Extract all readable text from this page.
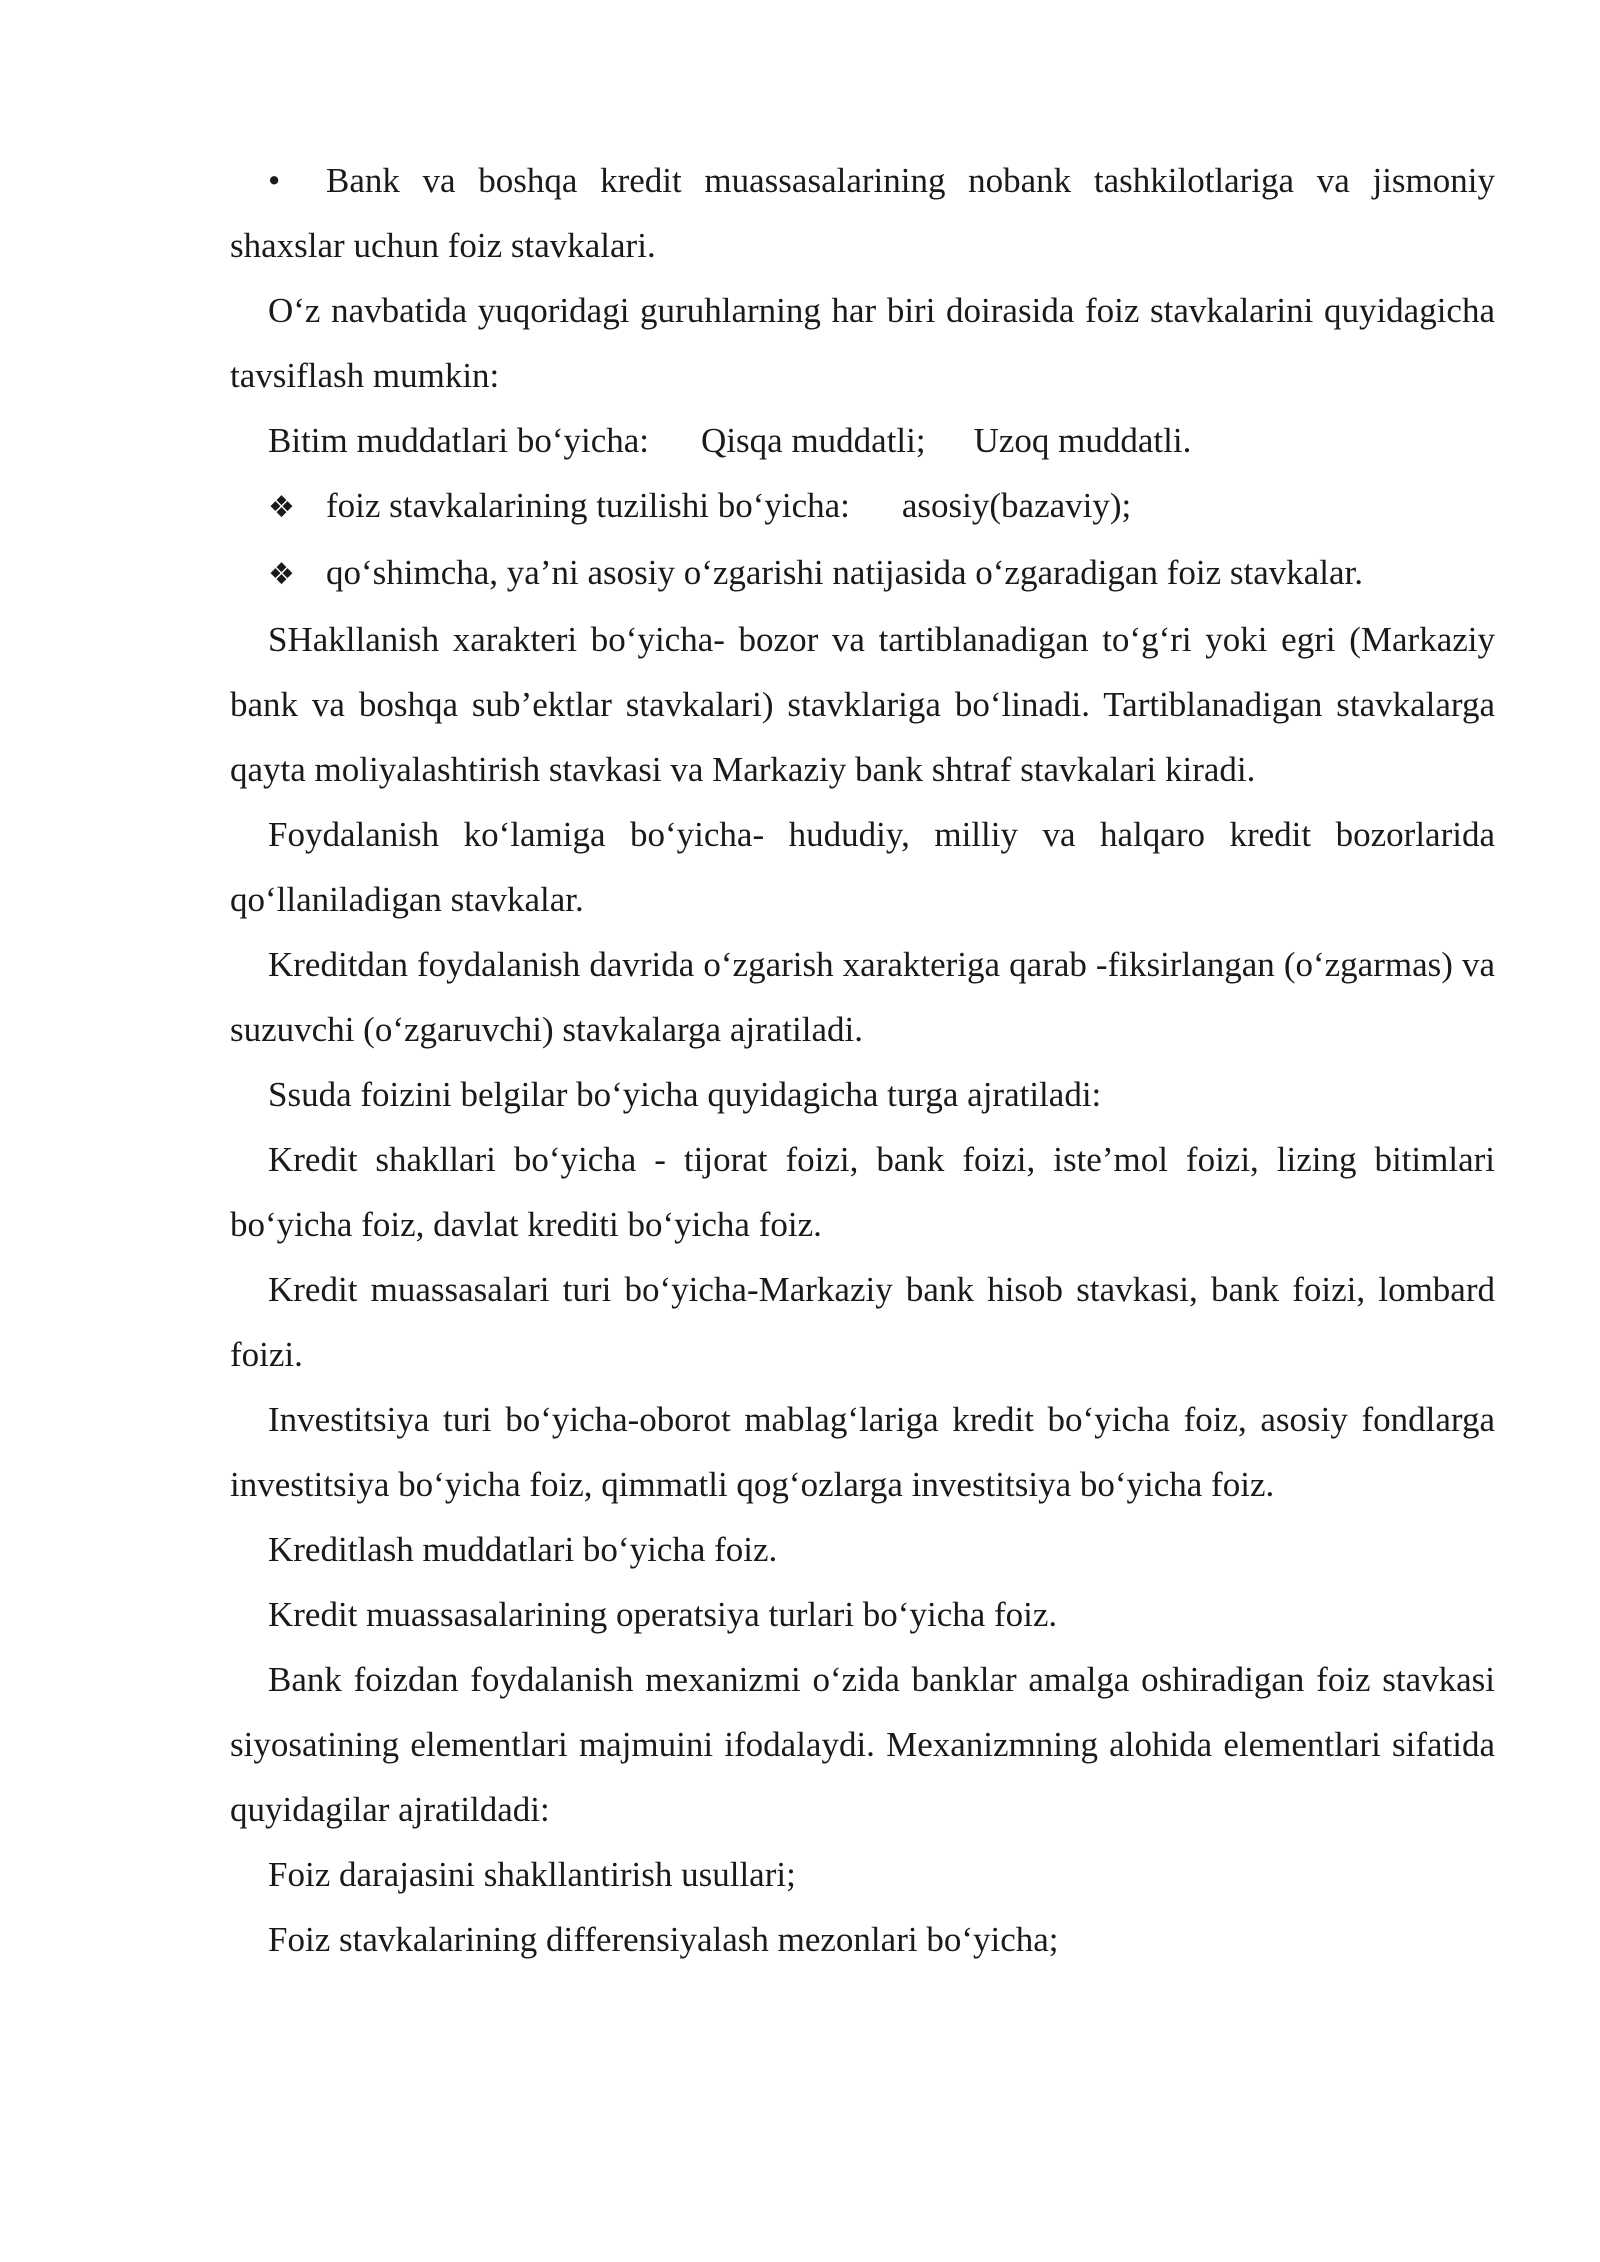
• Bank va boshqa kredit muassasalarining nobank tashkilotlariga va jismoniy shaxslar uchun foiz stavkalari.

O‘z navbatida yuqoridagi guruhlarning har biri doirasida foiz stavkalarini quyidagicha tavsiflash mumkin:

Bitim muddatlari bo‘yicha: Qisqa muddatli; Uzoq muddatli.

❖ foiz stavkalarining tuzilishi bo‘yicha: asosiy(bazaviy);

❖ qo‘shimcha, ya’ni asosiy o‘zgarishi natijasida o‘zgaradigan foiz stavkalar.

SHakllanish xarakteri bo‘yicha- bozor va tartiblanadigan to‘g‘ri yoki egri (Markaziy bank va boshqa sub’ektlar stavkalari) stavklariga bo‘linadi. Tartiblanadigan stavkalarga qayta moliyalashtirish stavkasi va Markaziy bank shtraf stavkalari kiradi.

Foydalanish ko‘lamiga bo‘yicha- hududiy, milliy va halqaro kredit bozorlarida qo‘llaniladigan stavkalar.

Kreditdan foydalanish davrida o‘zgarish xarakteriga qarab -fiksirlangan (o‘zgarmas) va suzuvchi (o‘zgaruvchi) stavkalarga ajratiladi.

Ssuda foizini belgilar bo‘yicha quyidagicha turga ajratiladi:

Kredit shakllari bo‘yicha - tijorat foizi, bank foizi, iste’mol foizi, lizing bitimlari bo‘yicha foiz, davlat krediti bo‘yicha foiz.

Kredit muassasalari turi bo‘yicha-Markaziy bank hisob stavkasi, bank foizi, lombard foizi.

Investitsiya turi bo‘yicha-oborot mablag‘lariga kredit bo‘yicha foiz, asosiy fondlarga investitsiya bo‘yicha foiz, qimmatli qog‘ozlarga investitsiya bo‘yicha foiz.

Kreditlash muddatlari bo‘yicha foiz.

Kredit muassasalarining operatsiya turlari bo‘yicha foiz.

Bank foizdan foydalanish mexanizmi o‘zida banklar amalga oshiradigan foiz stavkasi siyosatining elementlari majmuini ifodalaydi. Mexanizmning alohida elementlari sifatida quyidagilar ajratildadi:

Foiz darajasini shakllantirish usullari;

Foiz stavkalarining differensiyalash mezonlari bo‘yicha;
